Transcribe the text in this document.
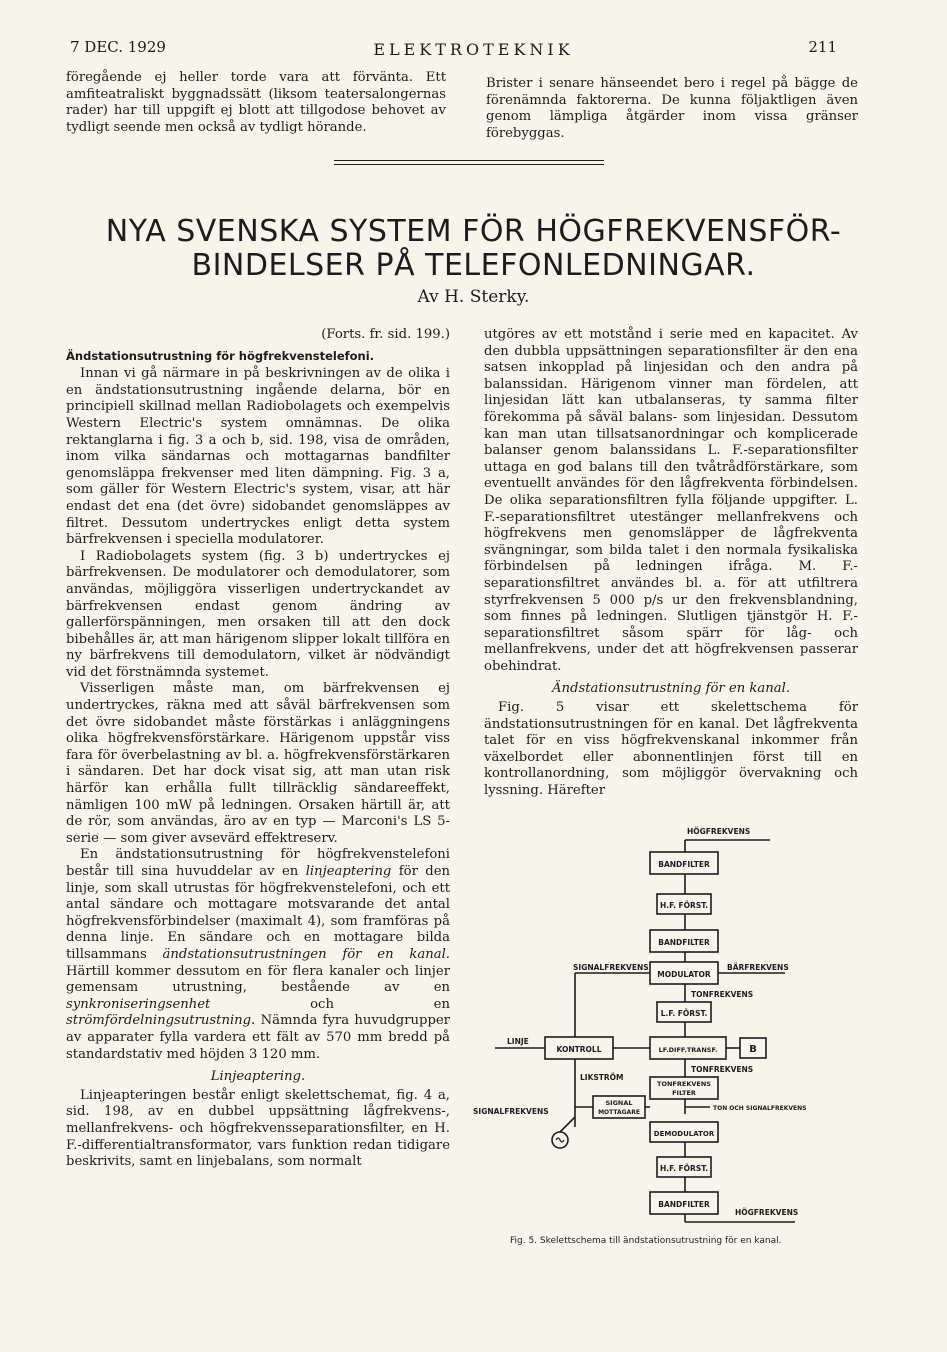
7 DEC. 1929	ELEKTROTEKNIK	211

föregående ej heller torde vara att förvänta. Ett amfiteatraliskt byggnadssätt (liksom teatersalongernas rader) har till uppgift ej blott att tillgodose behovet av tydligt seende men också av tydligt hörande.

Brister i senare hänseendet bero i regel på bägge de förenämnda faktorerna. De kunna följaktligen även genom lämpliga åtgärder inom vissa gränser förebyggas.

NYA SVENSKA SYSTEM FÖR HÖGFREKVENSFÖR-
BINDELSER PÅ TELEFONLEDNINGAR.
Av H. Sterky.

(Forts. fr. sid. 199.)

Ändstationsutrustning för högfrekvenstelefoni.

Innan vi gå närmare in på beskrivningen av de olika i en ändstationsutrustning ingående delarna, bör en principiell skillnad mellan Radiobolagets och exempelvis Western Electric's system omnämnas. De olika rektanglarna i fig. 3 a och b, sid. 198, visa de områden, inom vilka sändarnas och mottagarnas bandfilter genomsläppa frekvenser med liten dämpning. Fig. 3 a, som gäller för Western Electric's system, visar, att här endast det ena (det övre) sidobandet genomsläppes av filtret. Dessutom undertryckes enligt detta system bärfrekvensen i speciella modulatorer.

I Radiobolagets system (fig. 3 b) undertryckes ej bärfrekvensen. De modulatorer och demodulatorer, som användas, möjliggöra visserligen undertryckandet av bärfrekvensen endast genom ändring av gallerförspänningen, men orsaken till att den dock bibehålles är, att man härigenom slipper lokalt tillföra en ny bärfrekvens till demodulatorn, vilket är nödvändigt vid det förstnämnda systemet.

Visserligen måste man, om bärfrekvensen ej undertryckes, räkna med att såväl bärfrekvensen som det övre sidobandet måste förstärkas i anläggningens olika högfrekvensförstärkare. Härigenom uppstår viss fara för överbelastning av bl. a. högfrekvensförstärkaren i sändaren. Det har dock visat sig, att man utan risk härför kan erhålla fullt tillräcklig sändareeffekt, nämligen 100 mW på ledningen. Orsaken härtill är, att de rör, som användas, äro av en typ — Marconi's LS 5-serie — som giver avsevärd effektreserv.

En ändstationsutrustning för högfrekvenstelefoni består till sina huvuddelar av en linjeaptering för den linje, som skall utrustas för högfrekvenstelefoni, och ett antal sändare och mottagare motsvarande det antal högfrekvensförbindelser (maximalt 4), som framföras på denna linje. En sändare och en mottagare bilda tillsammans ändstationsutrustningen för en kanal. Härtill kommer dessutom en för flera kanaler och linjer gemensam utrustning, bestående av en synkroniseringsenhet och en strömfördelningsutrustning. Nämnda fyra huvudgrupper av apparater fylla vardera ett fält av 570 mm bredd på standardstativ med höjden 3 120 mm.

Linjeaptering.

Linjeapteringen består enligt skelettschemat, fig. 4 a, sid. 198, av en dubbel uppsättning lågfrekvens-, mellanfrekvens- och högfrekvensseparationsfilter, en H. F.-differentialtransformator, vars funktion redan tidigare beskrivits, samt en linjebalans, som normalt

utgöres av ett motstånd i serie med en kapacitet. Av den dubbla uppsättningen separationsfilter är den ena satsen inkopplad på linjesidan och den andra på balanssidan. Härigenom vinner man fördelen, att linjesidan lätt kan utbalanseras, ty samma filter förekomma på såväl balans- som linjesidan. Dessutom kan man utan tillsatsanordningar och komplicerade balanser genom balanssidans L. F.-separationsfilter uttaga en god balans till den tvåtrådförstärkare, som eventuellt användes för den lågfrekventa förbindelsen. De olika separationsfiltren fylla följande uppgifter. L. F.-separationsfiltret utestänger mellanfrekvens och högfrekvens men genomsläpper de lågfrekventa svängningar, som bilda talet i den normala fysikaliska förbindelsen på ledningen ifråga. M. F.-separationsfiltret användes bl. a. för att utfiltrera styrfrekvensen 5 000 p/s ur den frekvensblandning, som finnes på ledningen. Slutligen tjänstgör H. F.-separationsfiltret såsom spärr för låg- och mellanfrekvens, under det att högfrekvensen passerar obehindrat.

Ändstationsutrustning för en kanal.

Fig. 5 visar ett skelettschema för ändstationsutrustningen för en kanal. Det lågfrekventa talet för en viss högfrekvenskanal inkommer från växelbordet eller abonnentlinjen först till en kontrollanordning, som möjliggör övervakning och lyssning. Härefter

HÖGFREKVENS
BANDFILTER
H.F. FÖRST.
BANDFILTER
SIGNALFREKVENS
MODULATOR
BÄRFREKVENS
TONFREKVENS
L.F. FÖRST.
LINJE
KONTROLL	LF.DIFF.TRANSF.	B
TONFREKVENS
LIKSTRÖM
TONFREKVENS
FILTER
SIGNAL
MOTTAGARE
TON OCH SIGNALFREKVENS
SIGNALFREKVENS
DEMODULATOR
H.F. FÖRST.
BANDFILTER
HÖGFREKVENS
Fig. 5. Skelettschema till ändstationsutrustning för en kanal.
